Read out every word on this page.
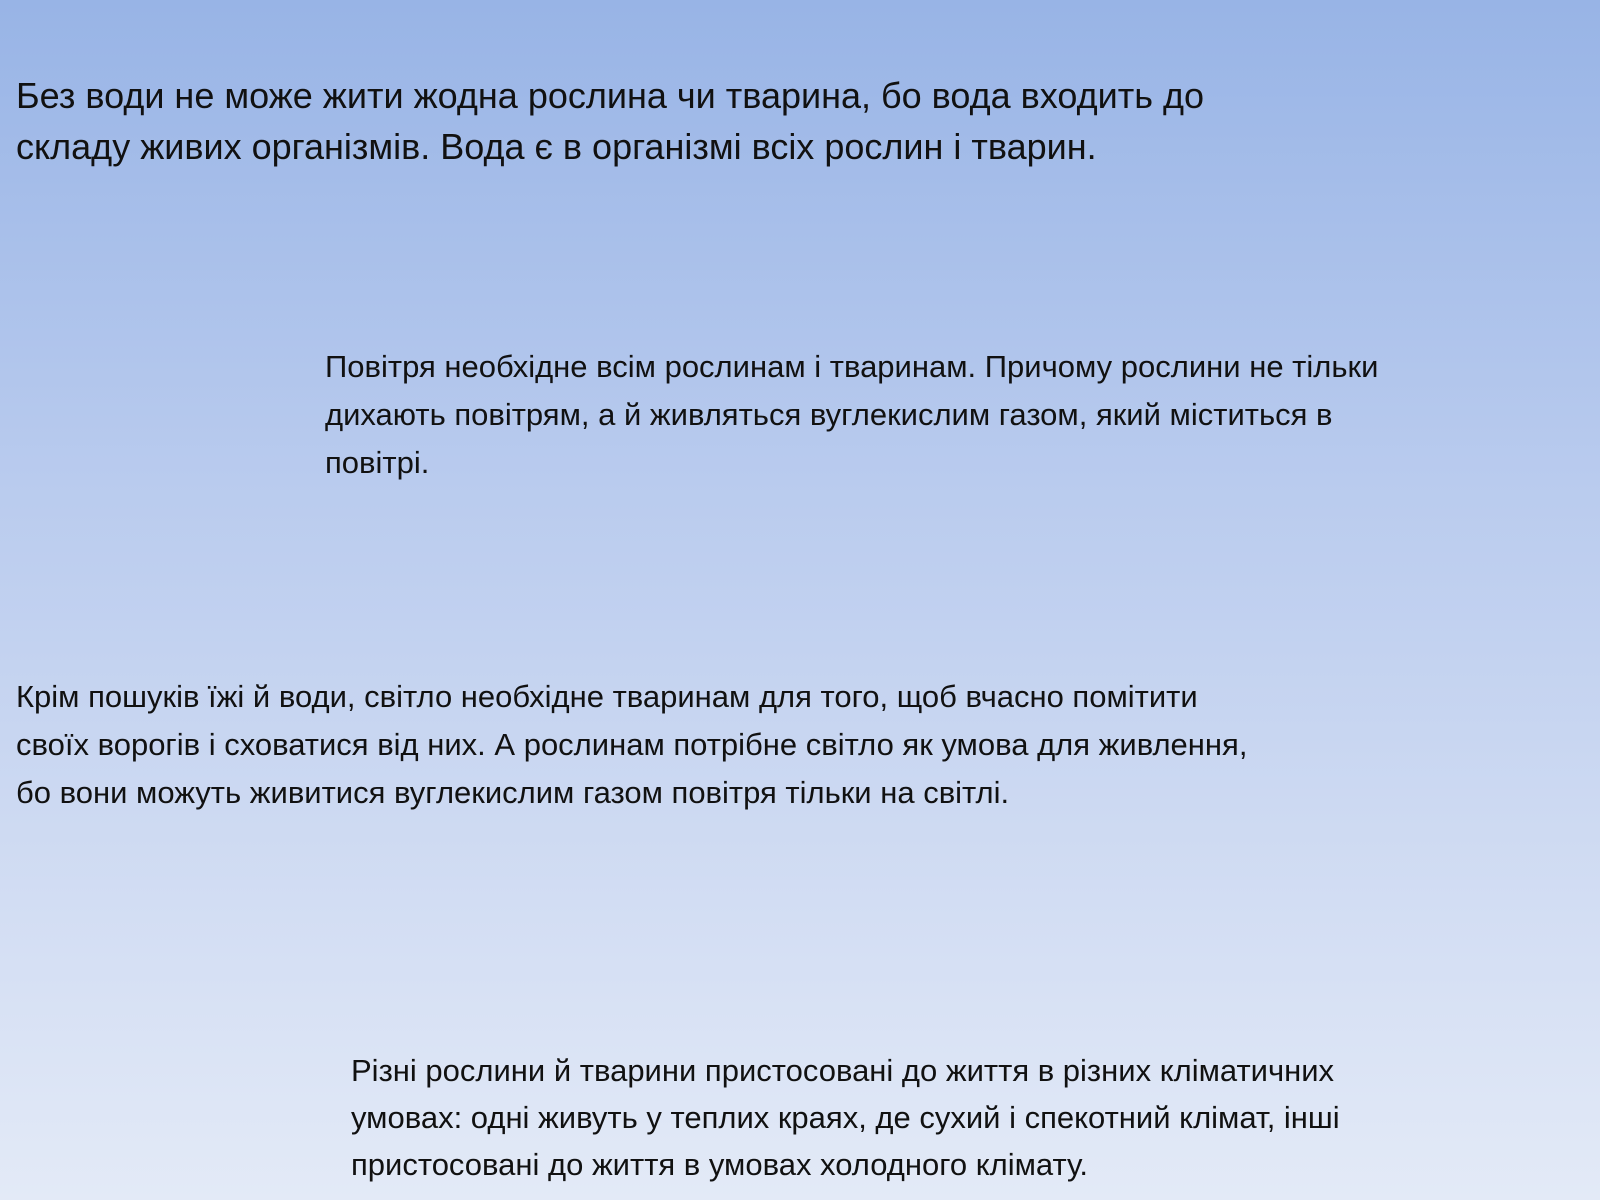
Без води не може жити жодна рослина чи тварина, бо вода входить до
складу живих організмів. Вода є в організмі всіх рослин і тварин.

Повітря необхідне всім рослинам і тваринам. Причому рослини не тільки
дихають повітрям, а й живляться вуглекислим газом, який міститься в
повітрі.

Крім пошуків їжі й води, світло необхідне тваринам для того, щоб вчасно помітити
своїх ворогів і сховатися від них. А рослинам потрібне світло як умова для живлення,
бо вони можуть живитися вуглекислим газом повітря тільки на світлі.

Різні рослини й тварини пристосовані до життя в різних кліматичних
умовах: одні живуть у теплих краях, де сухий і спекотний клімат, інші
пристосовані до життя в умовах холодного клімату.
